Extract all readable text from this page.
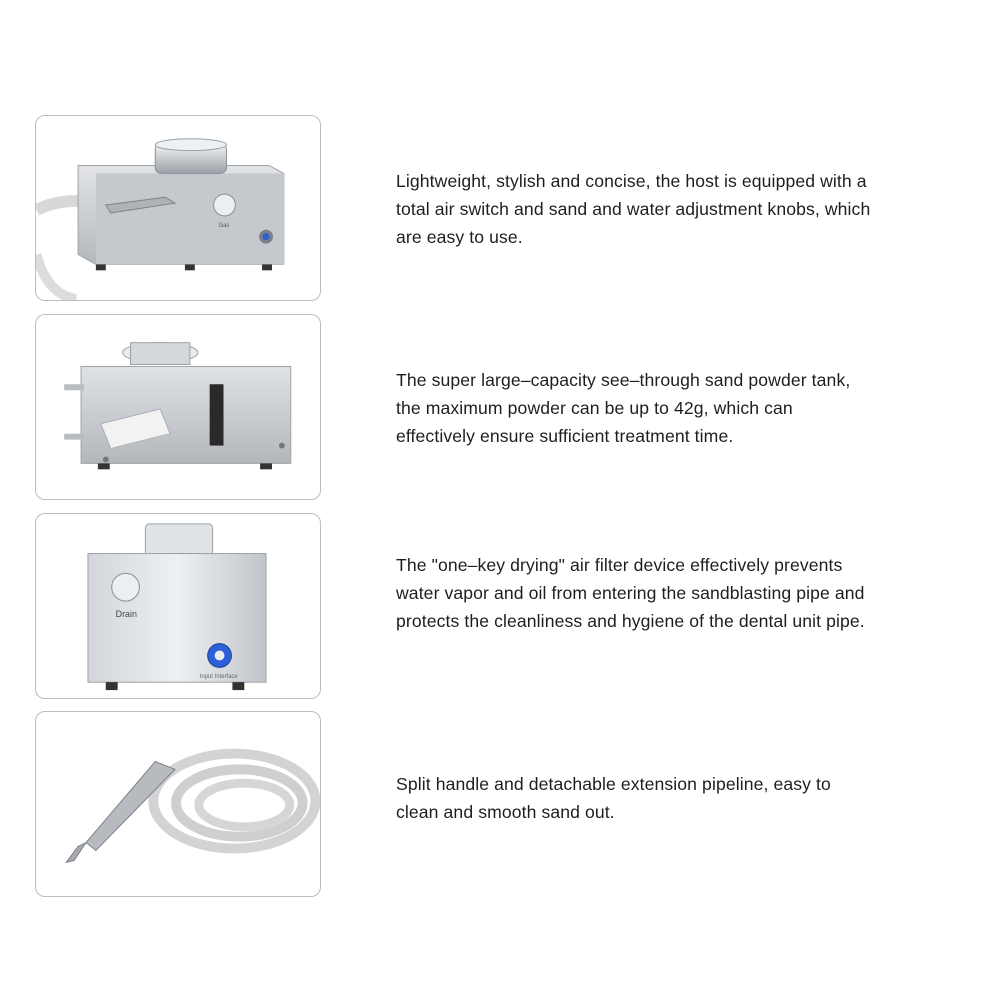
Gas

Lightweight, stylish and concise, the host is equipped with a total air switch and sand and water adjustment knobs, which are easy to use.

The super large–capacity see–through sand powder tank, the maximum powder can be up to 42g, which can effectively ensure sufficient treatment time.

Drain
Input Interface

The "one–key drying" air filter device effectively prevents water vapor and oil from entering the sandblasting pipe and protects the cleanliness and hygiene of the dental unit pipe.

Split handle and detachable extension pipeline, easy to clean and smooth sand out.
